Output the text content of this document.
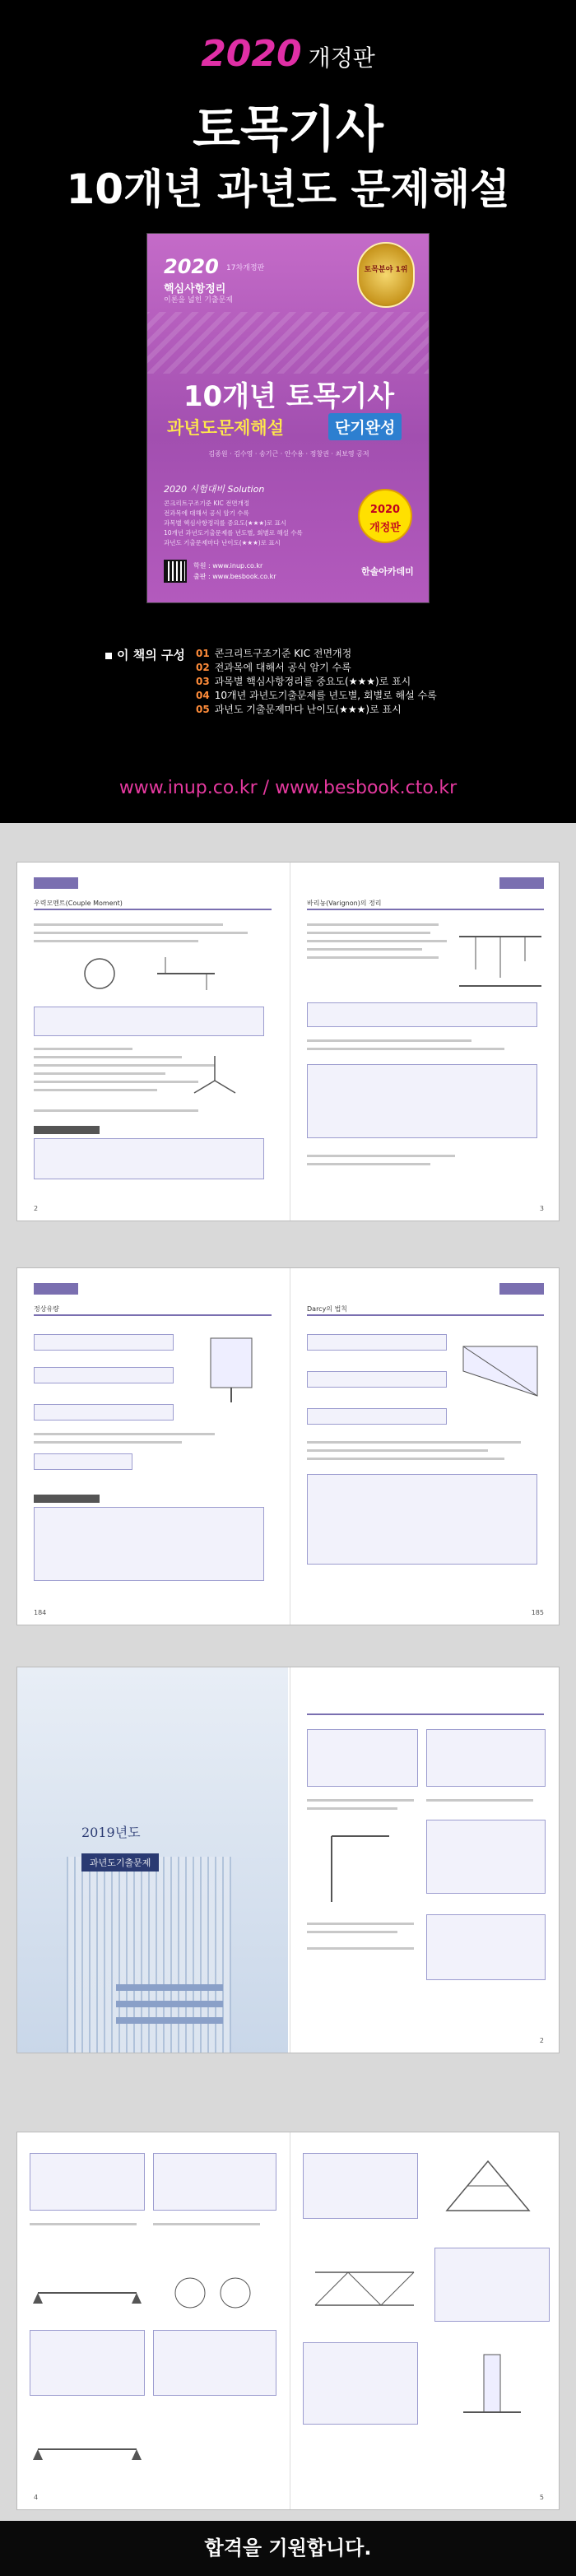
2020 개정판
토목기사
10개년 과년도 문제해설
2020 17차개정판
핵심사항정리
이론을 넓힌 기출문제
토목분야 1위
10개년 토목기사
과년도문제해설	단기완성
김종원 · 김수영 · 송기근 · 안수용 · 정창권 · 최보영 공저
2020 시험대비 Solution
콘크리트구조기준 KIC 전면개정
전과목에 대해서 공식 암기 수록
과목별 핵심사항정리를 중요도(★★★)로 표시
10개년 과년도기출문제를 년도별, 회별로 해설 수록
과년도 기출문제마다 난이도(★★★)로 표시
2020
개정판
학원 : www.inup.co.kr
출판 : www.besbook.co.kr	한솔아카데미
이 책의 구성 01 콘크리트구조기준 KIC 전면개정
02 전과목에 대해서 공식 암기 수록
03 과목별 핵심사항정리를 중요도(★★★)로 표시
04 10개년 과년도기출문제를 년도별, 회별로 해설 수록
05 과년도 기출문제마다 난이도(★★★)로 표시
www.inup.co.kr / www.besbook.cto.kr
우력모멘트(Couple Moment)
2
바리뇽(Varignon)의 정리
3
정상유량
184
Darcy의 법칙
185
2019년도
과년도기출문제
2
4	5
합격을 기원합니다.
